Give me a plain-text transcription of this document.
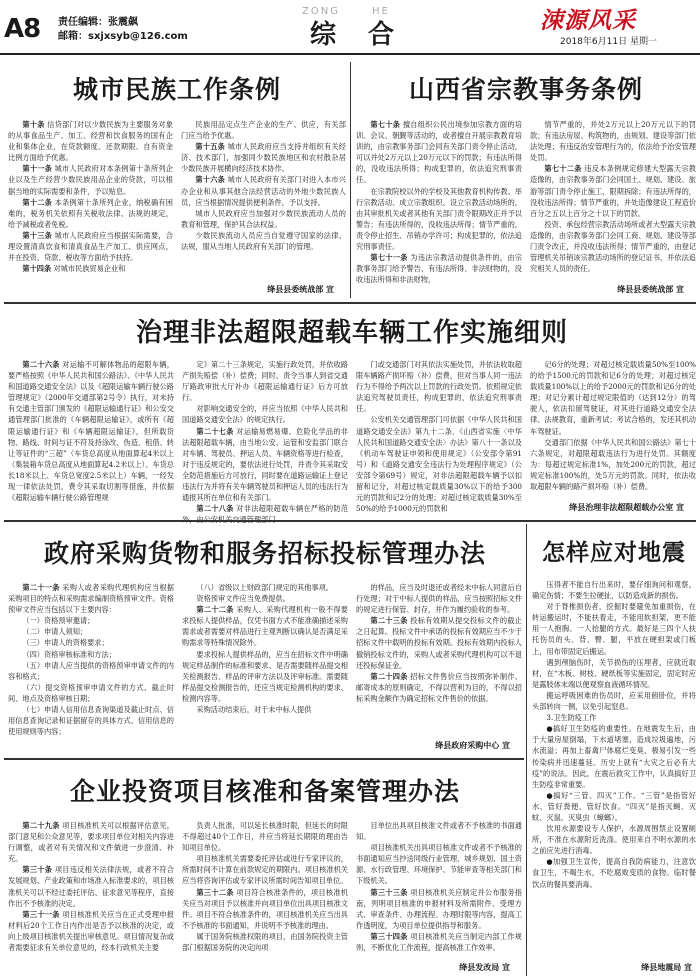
A8 责任编辑：张震飙
邮箱：sxjxsyb@126.com
ZONG	HE
综 合	涑源风采
2018年6月11日 星期一
城市民族工作条例

第十条 信贷部门对以少数民族为主要服务对象的从事食品生产、加工、经营和饮食服务的国有企业和集体企业，在贷款额度、还款期限、自有资金比例方面给予优惠。

第十一条 城市人民政府对本条例第十条所列企业以及生产经营少数民族用品企业的贷款，可以根据当地的实际需要和条件，予以贴息。

第十二条 本条例第十条所列企业，纳税确有困难的，税务机关依照有关税收法律、法规的规定，给予减税或者免税。

第十三条 城市人民政府应当根据实际需要，合理设置清真饮食和清真食品生产加工、供应网点，并在投资、贷款、税收等方面给予扶持。

第十四条 对城市民族贸易企业和

民族用品定点生产企业的生产、供应，有关部门应当给予优惠。

第十五条 城市人民政府应当支持并组织有关经济、技术部门，加强同少数民族地区和农村散杂居少数民族开展横向经济技术协作。

第十六条 城市人民政府有关部门对进入本市兴办企业和从事其他合法经营活动的外地少数民族人员，应当根据情况提供便利条件，予以支持。

城市人民政府应当加强对少数民族流动人员的教育和管理，保护其合法权益。

少数民族流动人员应当自觉遵守国家的法律、法规，服从当地人民政府有关部门的管理。

绛县县委统战部 宣
山西省宗教事务条例

第七十条 擅自组织公民出境参加宗教方面的培训、会议、朝觐等活动的，或者擅自开展宗教教育培训的，由宗教事务部门会同有关部门责令停止活动，可以并处2万元以上20万元以下的罚款；有违法所得的，没收违法所得；构成犯罪的，依法追究刑事责任。

在宗教院校以外的学校及其他教育机构传教、举行宗教活动、成立宗教组织、设立宗教活动场所的，由其审批机关或者其他有关部门责令限期改正并予以警告；有违法所得的，没收违法所得；情节严重的，责令停止招生、吊销办学许可；构成犯罪的，依法追究刑事责任。

第七十一条 为违法宗教活动提供条件的，由宗教事务部门给予警告，有违法所得、非法财物的，没收违法所得和非法财物，

情节严重的，并处2万元以上20万元以下的罚款；有违法房屋、构筑物的，由规划、建设等部门依法处理；有违反治安管理行为的，依法给予治安管理处罚。

第七十二条 违反本条例规定修建大型露天宗教造像的，由宗教事务部门会同国土、规划、建设、旅游等部门责令停止施工，限期拆除；有违法所得的，没收违法所得；情节严重的，并处造像建设工程造价百分之五以上百分之十以下的罚款。

投资、承包经营宗教活动场所或者大型露天宗教造像的，由宗教事务部门会同工商、规划、建设等部门责令改正，并没收违法所得；情节严重的，由登记管理机关吊销该宗教活动场所的登记证书，并依法追究相关人员的责任。

绛县县委统战部 宣
治理非法超限超载车辆工作实施细则

第二十六条 对运输不可解体物品的超限车辆，要严格按照《中华人民共和国公路法》、《中华人民共和国道路交通安全法》以及《超限运输车辆行驶公路管理规定》（2000年交通部第2号令）执行，对未持有交通主管部门颁发的《超限运输通行证》和公安交通管理部门批准的《车辆超限运输证》，或所有《超限运输通行证》和《车辆超限运输证》，但所载货物、路线、时间与证不符及持涂改、伪造、租借、转让等证件的“三超”（车货总高度从地面算起4米以上（集装箱车货总高度从地面算起4.2米以上）、车货总长18米以上、车货总宽度2.5米以上）车辆，一经发现一律依法处罚，费令其采取切割等措施，并依据《超限运输车辆行驶公路管理规

定》第二十三条规定，实施行政处罚，并依收路产损失赔偿（补）偿费；同时，责令当事人到省交通厅路政审批大厅补办《超限运输通行证》后方可放行。

对影响交通安全的，并应当依照《中华人民共和国道路交通安全法》的规定执行。

第二十七条 对运输易燃易爆、危险化学品的非法超限超载车辆，由当地公安、运管和安监部门联合对车辆、驾驶员、押运人员、车辆资格等进行检查，对于违反规定的，要依法进行处罚，并责令其采取安全防范措施后方可放行，同时要在道路运输证上登记违法行为并将有关车辆驾驶员和押运人员的违法行为通报其所在单位和有关部门。

第二十八条 对非法超限超载车辆在严格的防范

门或交通部门对其依法实施处罚，并依法收取超限车辆路产损坏赔（补）偿费，但对当事人同一违法行为不得给予两次以上罚款的行政处罚。依照规定依法追究驾驶员责任，构成犯罪的，依法追究刑事责任。

公安机关交通管理部门可依据《中华人民共和国道路交通安全法》第九十二条、《山西省实施〈中华人民共和国道路交通安全法〉办法》第八十一条以及《机动车驾驶证申领和使用规定》（公安部令第91号）和《道路交通安全违法行为处理程序规定》（公安部令第69号）规定，对非法超限超载车辆予以扣留和记分，对超过核定载质量30%以下的给予300元的罚款和记2分的处理；对超过核定载质量30%至50%的给予1000元的罚款和

记6分的处理；对超过核定载质量50%至100%的给予1500元的罚款和记6分的处理；对超过核定载质量100%以上的给予2000元的罚款和记6分的处理；对记分累计超过规定限值的（达到12分）的驾驶人，依法扣留驾驶证，对其进行道路交通安全法律、法规教育，重新考试；考试合格的，发还其机动车驾驶证。

交通部门依据《中华人民共和国公路法》第七十六条规定，对超限超载违法行为进行处罚。其额度为：每超过规定标准1%，加处200元的罚款，超过规定标准100%的，处5万元的罚款。同时，依法收取超限车辆的路产损坏赔（补）偿费。

绛县治理非法超限超载办公室 宣
政府采购货物和服务招标投标管理办法

第二十一条 采购人或者采购代理机构应当根据采购项目的特点和采购需求编制资格预审文件。资格预审文件应当包括以下主要内容：

（一）资格预审邀请；

（二）申请人须知；

（三）申请人的资格要求；

（四）资格审核标准和方法；

（五）申请人应当提供的资格预审申请文件的内容和格式；

（六）提交资格预审申请文件的方式、截止时间、地点及资格审核日期；

（七）申请人信用信息查询渠道及截止时点、信用信息查询记录和证据留存的具体方式、信用信息的使用规则等内容；

（八）省级以上财政部门规定的其他事项。

资格预审文件应当免费提供。

第二十二条 采购人、采购代理机构一般不得要求投标人提供样品，仅凭书面方式不能准确描述采购需求或者需要对样品进行主观判断以确认是否满足采购需求等特殊情况除外。

要求投标人提供样品的，应当在招标文件中明确规定样品制作的标准和要求、是否需要随样品提交相关检测报告、样品的评审方法以及评审标准。需要随样品提交检测报告的，还应当规定检测机构的要求、检测内容等。

采购活动结束后，对于未中标人提供

的样品，应当及时退还或者经未中标人同意后自行处理；对于中标人提供的样品，应当按照招标文件的规定进行保管、封存，并作为履约验收的参考。

第二十三条 投标有效期从提交投标文件的截止之日起算。投标文件中承诺的投标有效期应当不少于招标文件中载明的投标有效期。投标有效期内投标人撤销投标文件的，采购人或者采购代理机构可以不退还投标保证金。

第二十四条 招标文件售价应当按照弥补制作、邮寄成本的原则确定，不得以营利为目的，不得以招标采购金额作为确定招标文件售价的依据。

绛县政府采购中心 宣
企业投资项目核准和备案管理办法

第二十九条 项目核准机关可以根据评估意见，部门意见和公众意见等，要求项目单位对相关内容进行调整，或者对有关情况和文件做进一步澄清、补充。

第三十条 项目违反相关法律法规，或者不符合发展规划、产业政策和市场准入标准要求的，项目核准机关可以不经过委托评估、征求意见等程序，直接作出不予核准的决定。

第三十一条 项目核准机关应当在正式受理申报材料后20个工作日内作出是否予以核准的决定，或向上级项目核准机关提出审核意见。项目情况复杂或者需要征求有关单位意见的，经本行政机关主要

负责人批准，可以延长核准时限，但延长的时限不得超过40个工作日，并应当将延长期限的理由告知项目单位。

项目核准机关需要委托评估或进行专家评议的，所需时间不计算在前款规定的期限内。项目核准机关应当将咨询评估或专家评议所需时间告知项目单位。

第三十二条 项目符合核准条件的，项目核准机关应当对项目予以核准并向项目单位出具项目核准文件。项目不符合核准条件的，项目核准机关应当出具不予核准的书面通知，并说明不予核准的理由。

属于国务院核准权限的项目，由国务院投资主管部门根据国务院的决定向项

目单位出具项目核准文件或者不予核准的书面通知。

项目核准机关出具项目核准文件或者不予核准的书面通知应当抄送同级行业管理、城乡规划、国土资源、水行政管理、环境保护、节能审查等相关部门和下级机关。

第三十三条 项目核准机关应制定并公布服务指南，列明项目核准的申报材料及所需附件、受理方式、审查条件、办理流程、办理时限等内容，提高工作透明度，为项目单位提供指导和服务。

第三十四条 项目核准机关应当制定内部工作规则，不断优化工作流程，提高核准工作效率。

绛县发改局 宣
怎样应对地震

压得者不能自行出来时，要仔细询问和观察，确定伤情；不要生拉硬扯，以防造成新的损伤。

对于脊椎损伤者，挖掘时要避免加重损伤，在转运搬运时，不能扶着走，不能用软担架，更不能用一人抱胸、一人抬腿的方式。最好是三四个人扶托伤员的头、背、臀、腿，平放在硬担架或门板上，用布带固定后搬运。

遇到颅脑伤时，关节损伤的压埋者，应就近取材，在“木板、树枝、硬纸板等实施固定，固定时应是露肢体末端以便观察血液循环情况。

搬运呼吸困难的伤员时，应采用俯卧位，并将头部转向一侧，以免引起窒息。

3.卫生防疫工作

●搞好卫生防疫的重要性。在地震发生后，由于大量房屋倒塌，下水道堵塞，造成垃圾遍地，污水流溢；再加上畜禽尸体腐烂变臭，极易引发一些传染病并迅速蔓延。历史上就有“大灾之后必有大疫”的说法。因此，在震后救灾工作中，认真搞好卫生防疫非常重要。

●搞好“三管、四灭”工作。“三管”是指管好水、管好粪便、管好饮食。“四灭”是指灭蝇、灭蚊、灭鼠、灭臭虫（蟑螂）。

饮用水源要设专人保护，水源周围禁止设置厕所，不准在水源附近洗涤。使用来自不明水源的水之前应先进行消毒。

●加强卫生宣传，提高自我防病能力，注意饮食卫生，不喝生水，不吃腐败变质的食物。临时餐饮点的餐具要消毒。

绛县地震局 宣
